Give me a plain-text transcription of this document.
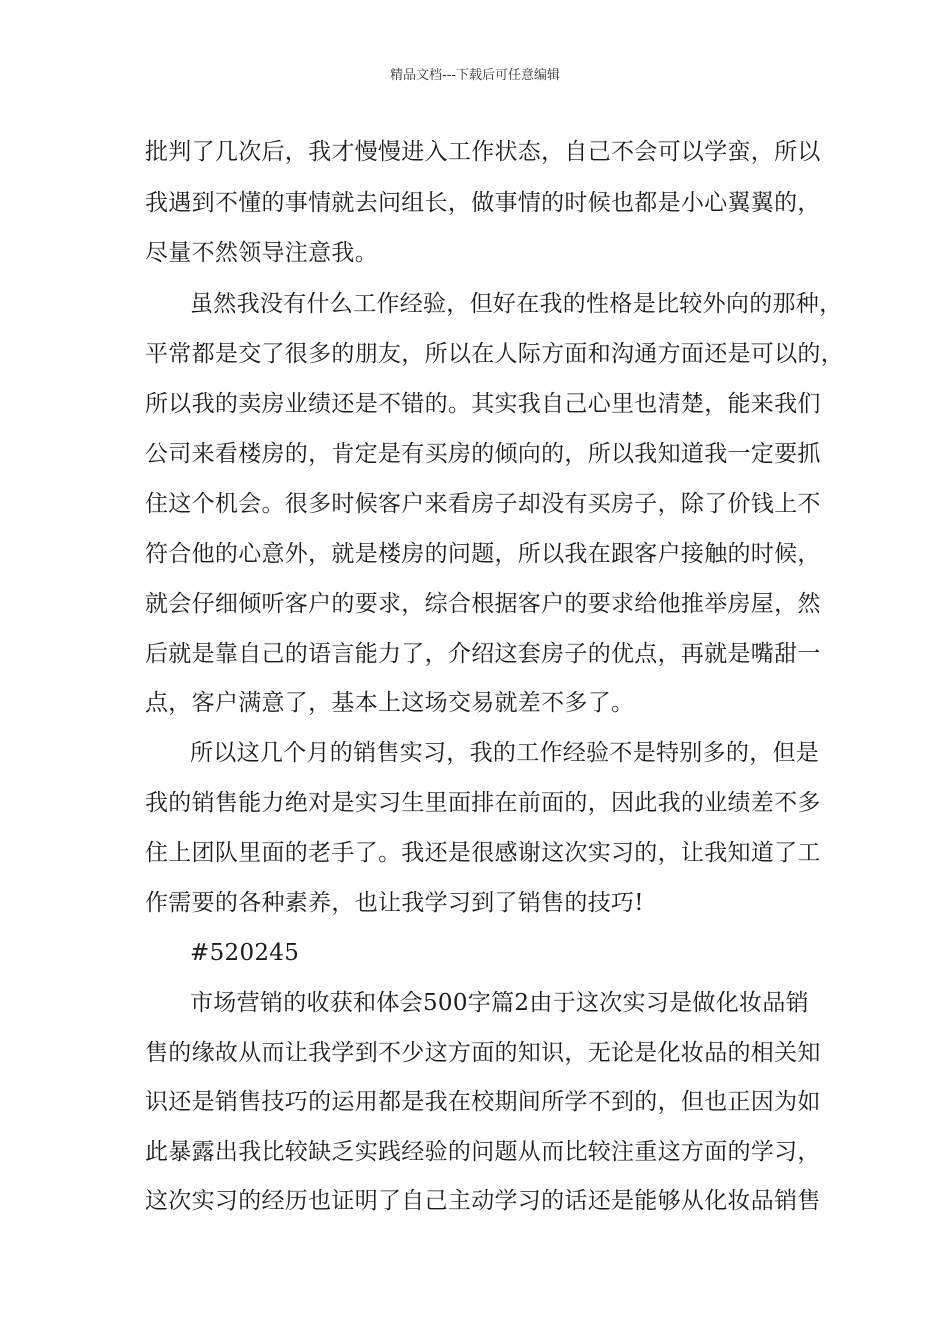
精品文档---下载后可任意编辑
批判了几次后，我才慢慢进入工作状态，自己不会可以学蛮，所以
我遇到不懂的事情就去问组长，做事情的时候也都是小心翼翼的，
尽量不然领导注意我。
虽然我没有什么工作经验，但好在我的性格是比较外向的那种，
平常都是交了很多的朋友，所以在人际方面和沟通方面还是可以的，
所以我的卖房业绩还是不错的。其实我自己心里也清楚，能来我们
公司来看楼房的，肯定是有买房的倾向的，所以我知道我一定要抓
住这个机会。很多时候客户来看房子却没有买房子，除了价钱上不
符合他的心意外，就是楼房的问题，所以我在跟客户接触的时候，
就会仔细倾听客户的要求，综合根据客户的要求给他推举房屋，然
后就是靠自己的语言能力了，介绍这套房子的优点，再就是嘴甜一
点，客户满意了，基本上这场交易就差不多了。
所以这几个月的销售实习，我的工作经验不是特别多的，但是
我的销售能力绝对是实习生里面排在前面的，因此我的业绩差不多
住上团队里面的老手了。我还是很感谢这次实习的，让我知道了工
作需要的各种素养，也让我学习到了销售的技巧!
#520245
市场营销的收获和体会500字篇2由于这次实习是做化妆品销
售的缘故从而让我学到不少这方面的知识，无论是化妆品的相关知
识还是销售技巧的运用都是我在校期间所学不到的，但也正因为如
此暴露出我比较缺乏实践经验的问题从而比较注重这方面的学习，
这次实习的经历也证明了自己主动学习的话还是能够从化妆品销售
